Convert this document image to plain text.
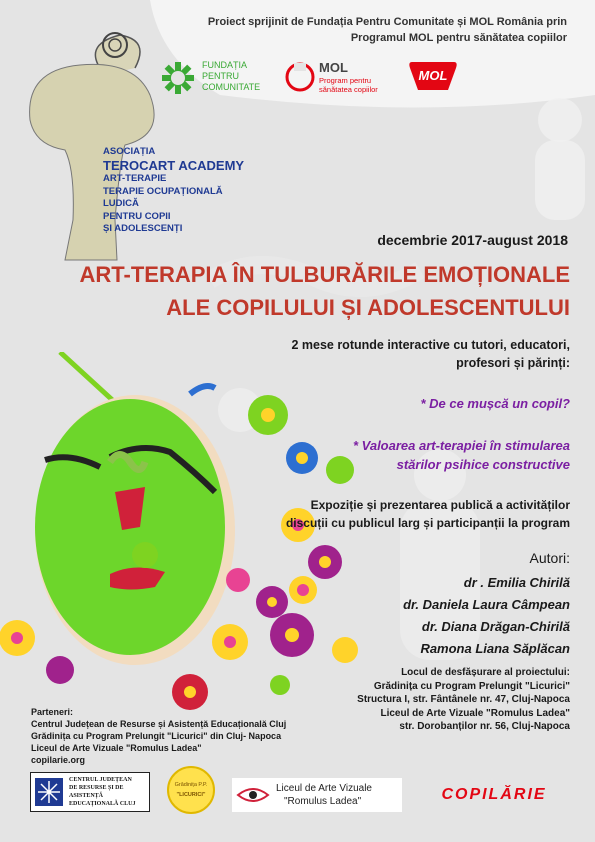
Proiect sprijinit de Fundația Pentru Comunitate și MOL România prin
Programul MOL pentru sănătatea copiilor
FUNDAȚIA
PENTRU
COMUNITATE
MOL
Program pentru
sănătatea copiilor
MOL
ASOCIAȚIA
TEROCART ACADEMY
ART-TERAPIE
TERAPIE OCUPAȚIONALĂ
LUDICĂ
PENTRU COPII
ȘI ADOLESCENȚI
decembrie 2017-august 2018
ART-TERAPIA ÎN TULBURĂRILE EMOȚIONALE
ALE COPILULUI ȘI ADOLESCENTULUI
2 mese rotunde interactive cu tutori, educatori,
profesori și părinți:
* De ce mușcă un copil?
* Valoarea art-terapiei în stimularea
stărilor psihice constructive
Expoziție și prezentarea publică a activităților
discuții cu publicul larg și participanții la program
Autori:
dr . Emilia Chirilă
dr. Daniela Laura Câmpean
dr. Diana Drăgan-Chirilă
Ramona Liana Săplăcan
Locul de desfășurare al proiectului:
Grădinița cu Program Prelungit "Licurici"
Structura I, str. Fântânele nr. 47, Cluj-Napoca
Liceul de Arte Vizuale "Romulus Ladea"
str. Dorobanților nr. 56, Cluj-Napoca
Parteneri:
Centrul Județean de Resurse și Asistență Educațională Cluj
Grădinița cu Program Prelungit "Licurici" din Cluj- Napoca
Liceul de Arte Vizuale "Romulus Ladea"
copilarie.org
CENTRUL JUDEȚEAN
DE RESURSE ȘI DE
ASISTENȚĂ
EDUCAȚIONALĂ CLUJ
Grădinița P.P.
"LICURICI"
Liceul de Arte Vizuale
"Romulus Ladea"	COPILĂRIE
